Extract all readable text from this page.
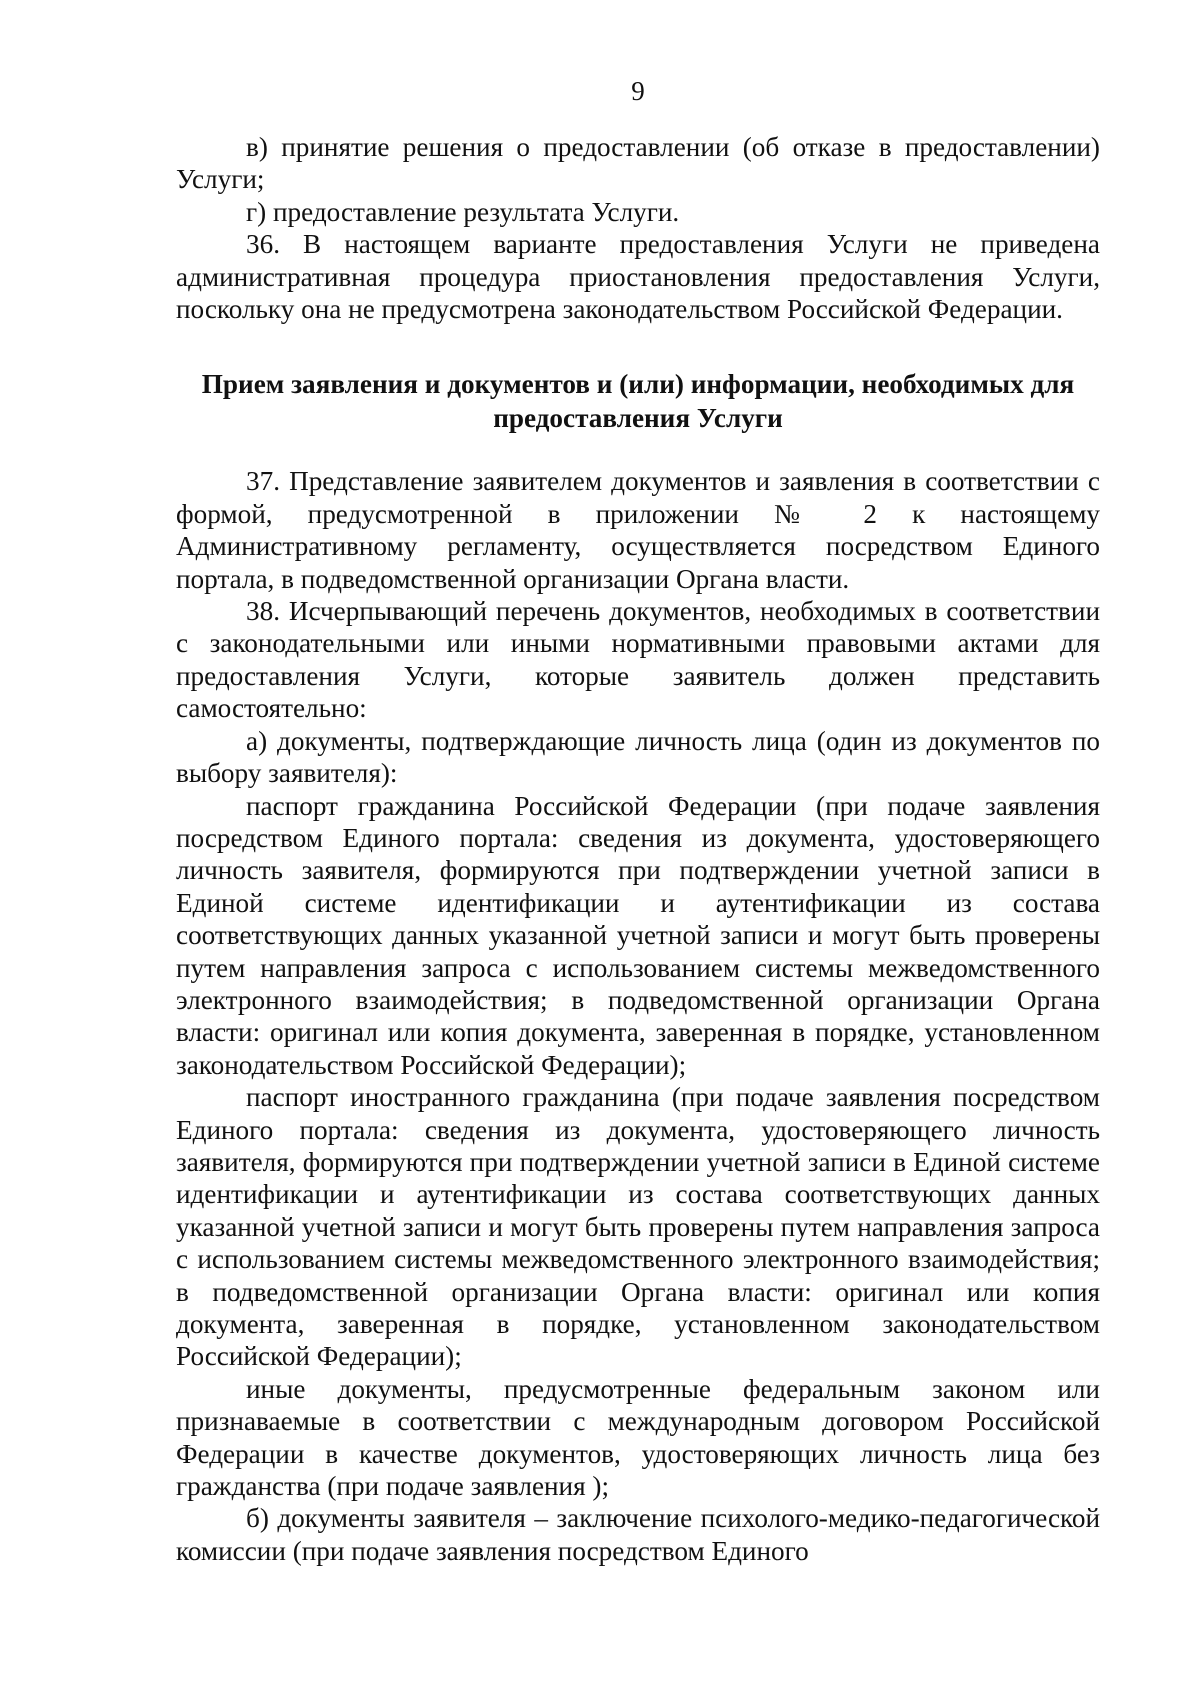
9

в) принятие решения о предоставлении (об отказе в предоставлении) Услуги;

г) предоставление результата Услуги.

36. В настоящем варианте предоставления Услуги не приведена административная процедура приостановления предоставления Услуги, поскольку она не предусмотрена законодательством Российской Федерации.

Прием заявления и документов и (или) информации, необходимых для
предоставления Услуги

37. Представление заявителем документов и заявления в соответствии с формой, предусмотренной в приложении № 2 к настоящему Административному регламенту, осуществляется посредством Единого портала, в подведомственной организации Органа власти.

38. Исчерпывающий перечень документов, необходимых в соответствии с законодательными или иными нормативными правовыми актами для предоставления Услуги, которые заявитель должен представить самостоятельно:

а) документы, подтверждающие личность лица (один из документов по выбору заявителя):

паспорт гражданина Российской Федерации (при подаче заявления посредством Единого портала: сведения из документа, удостоверяющего личность заявителя, формируются при подтверждении учетной записи в Единой системе идентификации и аутентификации из состава соответствующих данных указанной учетной записи и могут быть проверены путем направления запроса с использованием системы межведомственного электронного взаимодействия; в подведомственной организации Органа власти: оригинал или копия документа, заверенная в порядке, установленном законодательством Российской Федерации);

паспорт иностранного гражданина (при подаче заявления посредством Единого портала: сведения из документа, удостоверяющего личность заявителя, формируются при подтверждении учетной записи в Единой системе идентификации и аутентификации из состава соответствующих данных указанной учетной записи и могут быть проверены путем направления запроса с использованием системы межведомственного электронного взаимодействия; в подведомственной организации Органа власти: оригинал или копия документа, заверенная в порядке, установленном законодательством Российской Федерации);

иные документы, предусмотренные федеральным законом или признаваемые в соответствии с международным договором Российской Федерации в качестве документов, удостоверяющих личность лица без гражданства (при подаче заявления );

б) документы заявителя – заключение психолого-медико-педагогической комиссии (при подаче заявления посредством Единого
